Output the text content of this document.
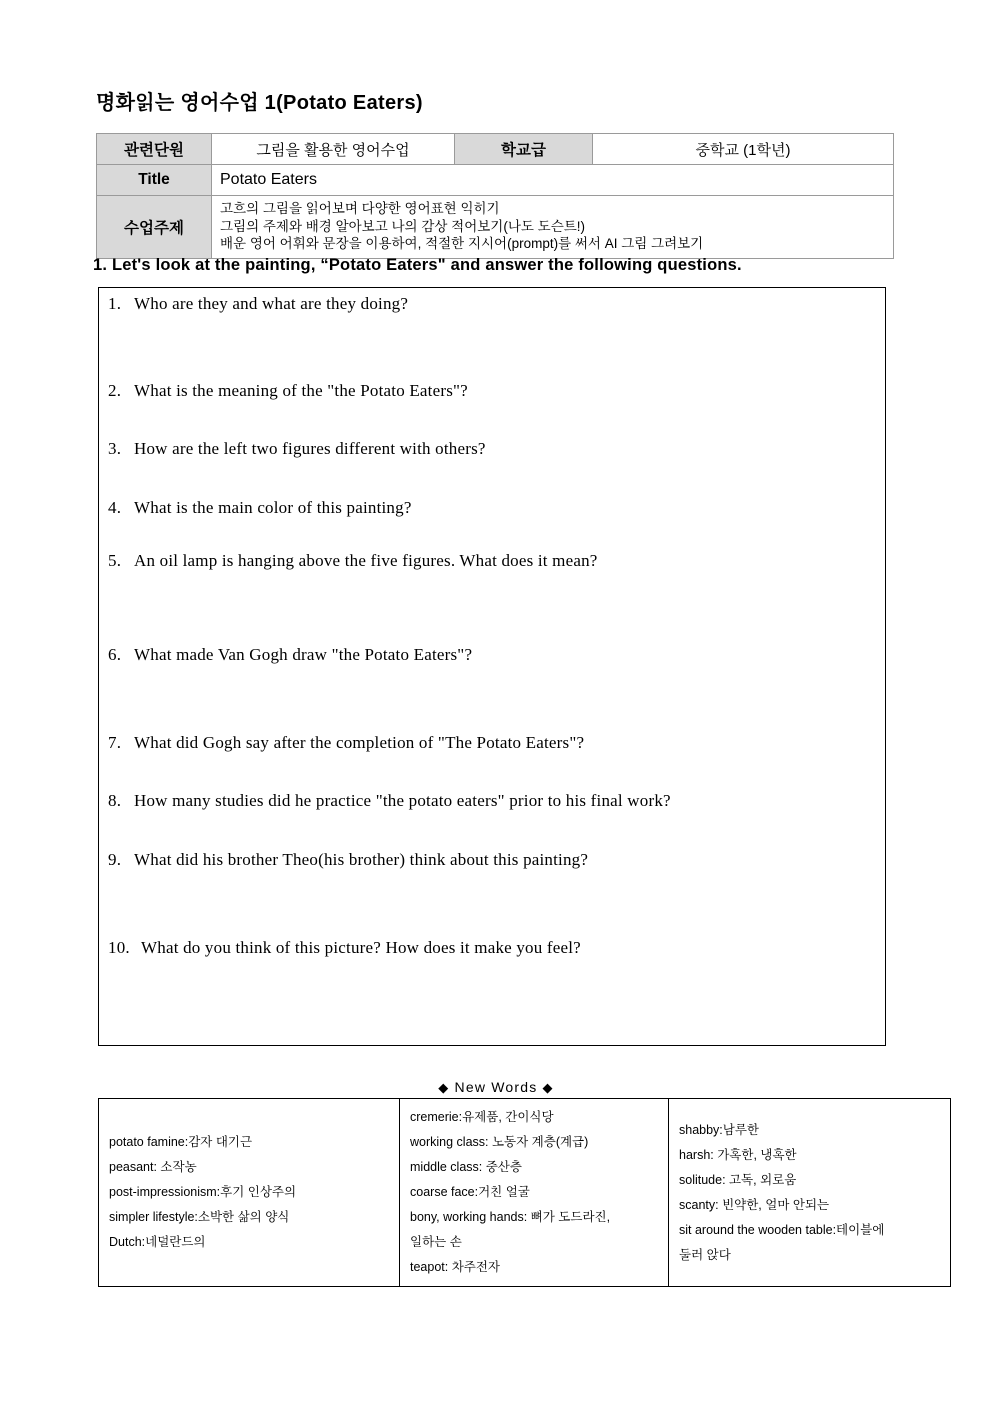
명화읽는 영어수업 1(Potato Eaters)
관련단원	그림을 활용한 영어수업	학교급	중학교 (1학년)
Title	Potato Eaters		
수업주제	고흐의 그림을 읽어보며 다양한 영어표현 익히기
그림의 주제와 배경 알아보고 나의 감상 적어보기(나도 도슨트!)
배운 영어 어휘와 문장을 이용하여, 적절한 지시어(prompt)를 써서 AI 그림 그려보기		
1. Let's look at the painting, “Potato Eaters" and answer the following questions.
1. Who are they and what are they doing?
2. What is the meaning of the "the Potato Eaters"?
3. How are the left two figures different with others?
4. What is the main color of this painting?
5. An oil lamp is hanging above the five figures. What does it mean?
6. What made Van Gogh draw "the Potato Eaters"?
7. What did Gogh say after the completion of "The Potato Eaters"?
8. How many studies did he practice "the potato eaters" prior to his final work?
9. What did his brother Theo(his brother) think about this painting?
10. What do you think of this picture? How does it make you feel?
◆ New Words ◆
potato famine:감자 대기근
peasant: 소작농
post-impressionism:후기 인상주의
simpler lifestyle:소박한 삶의 양식
Dutch:네덜란드의

cremerie:유제품, 간이식당
working class: 노동자 계층(계급)
middle class: 중산층
coarse face:거친 얼굴
bony, working hands: 뼈가 도드라진,
일하는 손
teapot: 차주전자

shabby:남루한
harsh: 가혹한, 냉혹한
solitude: 고독, 외로움
scanty: 빈약한, 얼마 안되는
sit around the wooden table:테이블에
둘러 앉다
